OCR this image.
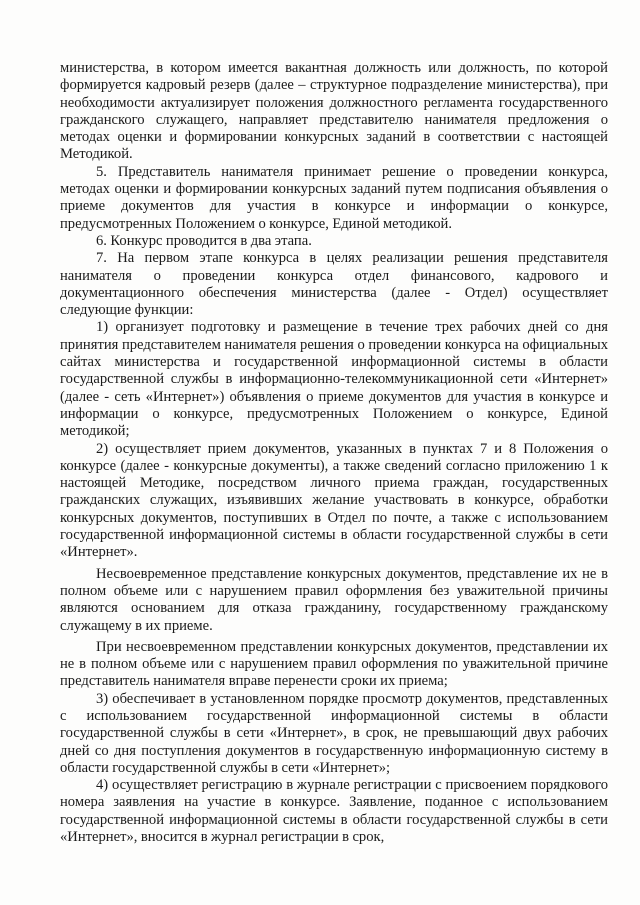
министерства, в котором имеется вакантная должность или должность, по которой формируется кадровый резерв (далее – структурное подразделение министерства), при необходимости актуализирует положения должностного регламента государственного гражданского служащего, направляет представителю нанимателя предложения о методах оценки и формировании конкурсных заданий в соответствии с настоящей Методикой.

5. Представитель нанимателя принимает решение о проведении конкурса, методах оценки и формировании конкурсных заданий путем подписания объявления о приеме документов для участия в конкурсе и информации о конкурсе, предусмотренных Положением о конкурсе, Единой методикой.

6. Конкурс проводится в два этапа.

7. На первом этапе конкурса в целях реализации решения представителя нанимателя о проведении конкурса отдел финансового, кадрового и документационного обеспечения министерства (далее - Отдел) осуществляет следующие функции:

1) организует подготовку и размещение в течение трех рабочих дней со дня принятия представителем нанимателя решения о проведении конкурса на официальных сайтах министерства и государственной информационной системы в области государственной службы в информационно-телекоммуникационной сети «Интернет» (далее - сеть «Интернет») объявления о приеме документов для участия в конкурсе и информации о конкурсе, предусмотренных Положением о конкурсе, Единой методикой;

2) осуществляет прием документов, указанных в пунктах 7 и 8 Положения о конкурсе (далее - конкурсные документы), а также сведений согласно приложению 1 к настоящей Методике, посредством личного приема граждан, государственных гражданских служащих, изъявивших желание участвовать в конкурсе, обработки конкурсных документов, поступивших в Отдел по почте, а также с использованием государственной информационной системы в области государственной службы в сети «Интернет».

Несвоевременное представление конкурсных документов, представление их не в полном объеме или с нарушением правил оформления без уважительной причины являются основанием для отказа гражданину, государственному гражданскому служащему в их приеме.

При несвоевременном представлении конкурсных документов, представлении их не в полном объеме или с нарушением правил оформления по уважительной причине представитель нанимателя вправе перенести сроки их приема;

3) обеспечивает в установленном порядке просмотр документов, представленных с использованием государственной информационной системы в области государственной службы в сети «Интернет», в срок, не превышающий двух рабочих дней со дня поступления документов в государственную информационную систему в области государственной службы в сети «Интернет»;

4) осуществляет регистрацию в журнале регистрации с присвоением порядкового номера заявления на участие в конкурсе. Заявление, поданное с использованием государственной информационной системы в области государственной службы в сети «Интернет», вносится в журнал регистрации в срок,
